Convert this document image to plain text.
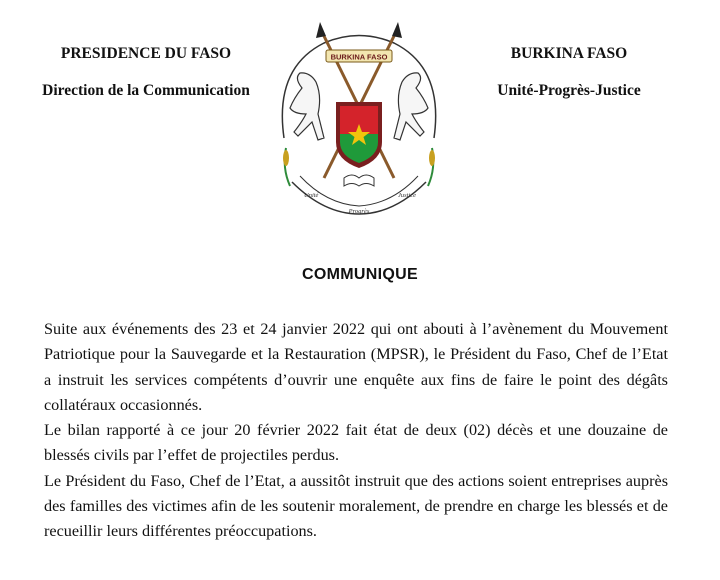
PRESIDENCE DU FASO
Direction de la Communication
BURKINA FASO
Unité
Progrès
Justice
BURKINA FASO
Unité-Progrès-Justice
COMMUNIQUE

Suite aux événements des 23 et 24 janvier 2022 qui ont abouti à l’avènement du Mouvement Patriotique pour la Sauvegarde et la Restauration (MPSR), le Président du Faso, Chef de l’Etat a instruit les services compétents d’ouvrir une enquête aux fins de faire le point des dégâts collatéraux occasionnés.

Le bilan rapporté à ce jour 20 février 2022 fait état de deux (02) décès et une douzaine de blessés civils par l’effet de projectiles perdus.

Le Président du Faso, Chef de l’Etat, a aussitôt instruit que des actions soient entreprises auprès des familles des victimes afin de les soutenir moralement, de prendre en charge les blessés et de recueillir leurs différentes préoccupations.
